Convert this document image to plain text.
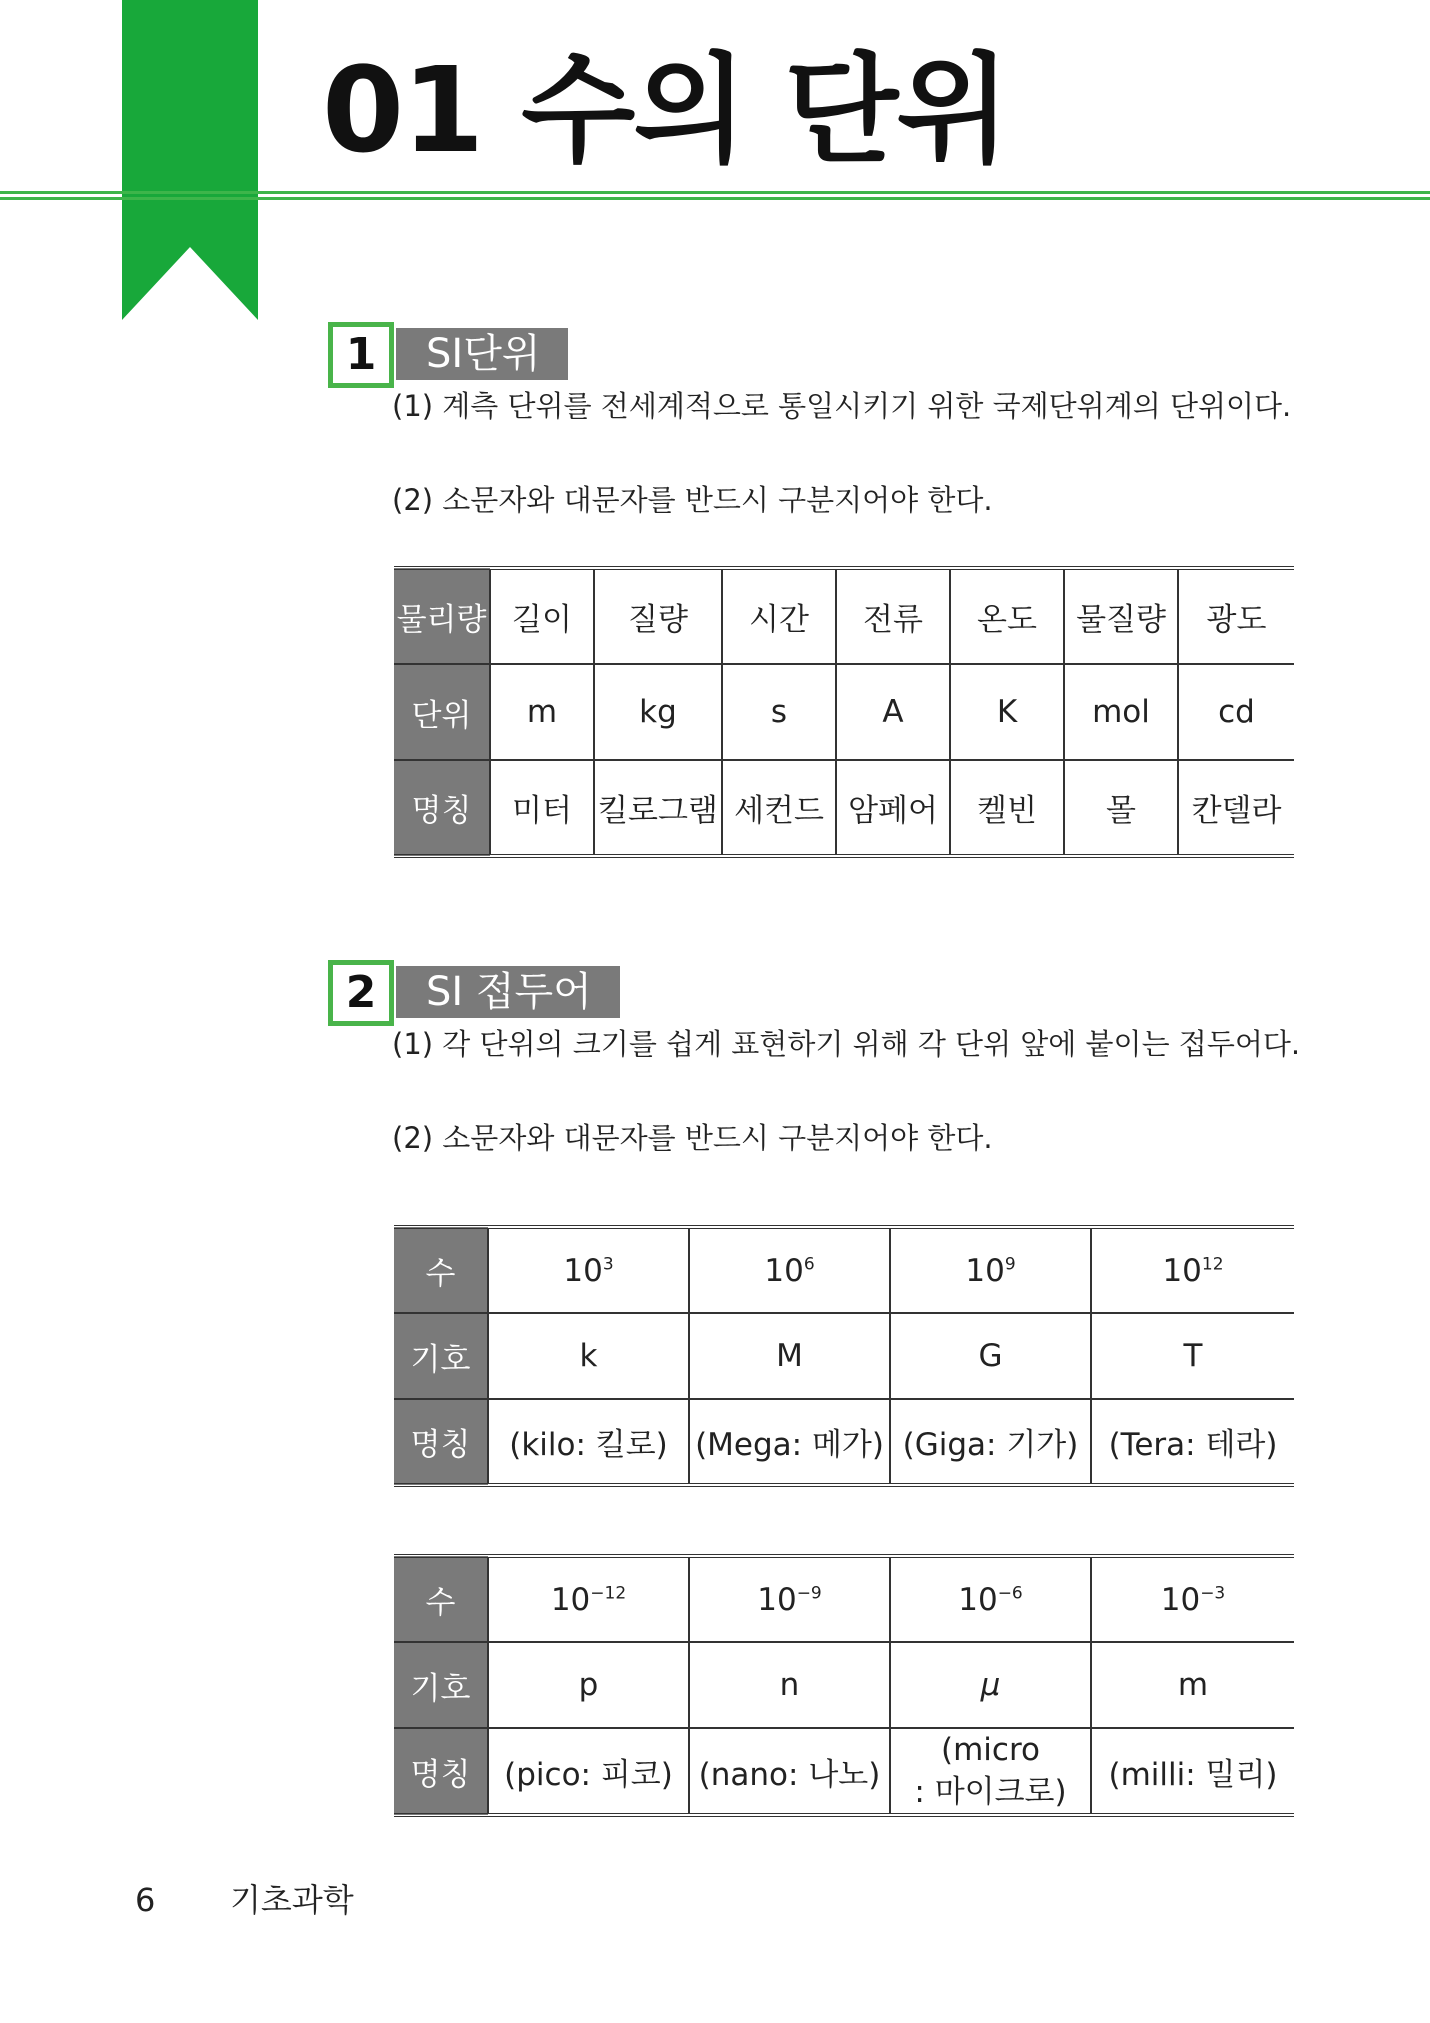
01 수의 단위
1	SI단위

(1) 계측 단위를 전세계적으로 통일시키기 위한 국제단위계의 단위이다.

(2) 소문자와 대문자를 반드시 구분지어야 한다.

물리량	길이	질량	시간	전류	온도	물질량	광도
단위	m	kg	s	A	K	mol	cd
명칭	미터	킬로그램	세컨드	암페어	켈빈	몰	칸델라
2	SI 접두어

(1) 각 단위의 크기를 쉽게 표현하기 위해 각 단위 앞에 붙이는 접두어다.

(2) 소문자와 대문자를 반드시 구분지어야 한다.

수	$10^3$	$10^6$	$10^9$	$10^{12}$
기호	k	M	G	T
명칭	(kilo: 킬로)	(Mega: 메가)	(Giga: 기가)	(Tera: 테라)
수	$10^{-12}$	$10^{-9}$	$10^{-6}$	$10^{-3}$
기호	p	n	μ	m
명칭	(pico: 피코)	(nano: 나노)	(micro
: 마이크로)	(milli: 밀리)
6 기초과학
